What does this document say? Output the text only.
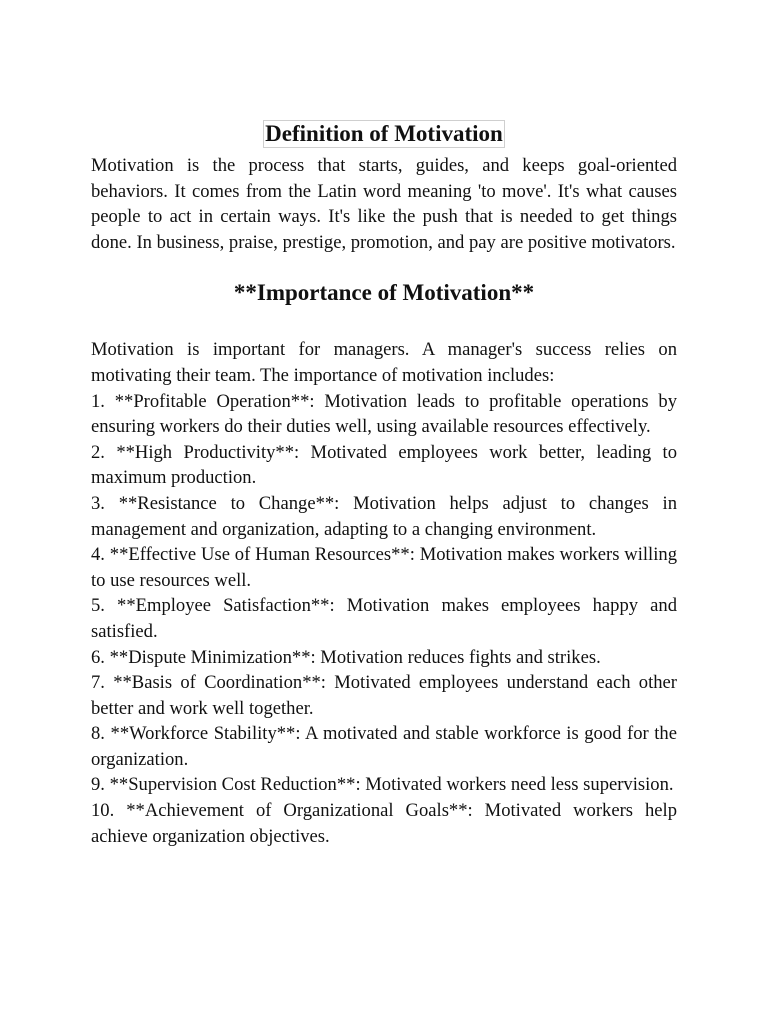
Definition of Motivation

Motivation is the process that starts, guides, and keeps goal-oriented behaviors. It comes from the Latin word meaning 'to move'. It's what causes people to act in certain ways. It's like the push that is needed to get things done. In business, praise, prestige, promotion, and pay are positive motivators.

**Importance of Motivation**

Motivation is important for managers. A manager's success relies on motivating their team. The importance of motivation includes:

1. **Profitable Operation**: Motivation leads to profitable operations by ensuring workers do their duties well, using available resources effectively.

2. **High Productivity**: Motivated employees work better, leading to maximum production.

3. **Resistance to Change**: Motivation helps adjust to changes in management and organization, adapting to a changing environment.

4. **Effective Use of Human Resources**: Motivation makes workers willing to use resources well.

5. **Employee Satisfaction**: Motivation makes employees happy and satisfied.

6. **Dispute Minimization**: Motivation reduces fights and strikes.

7. **Basis of Coordination**: Motivated employees understand each other better and work well together.

8. **Workforce Stability**: A motivated and stable workforce is good for the organization.

9. **Supervision Cost Reduction**: Motivated workers need less supervision.

10. **Achievement of Organizational Goals**: Motivated workers help achieve organization objectives.
